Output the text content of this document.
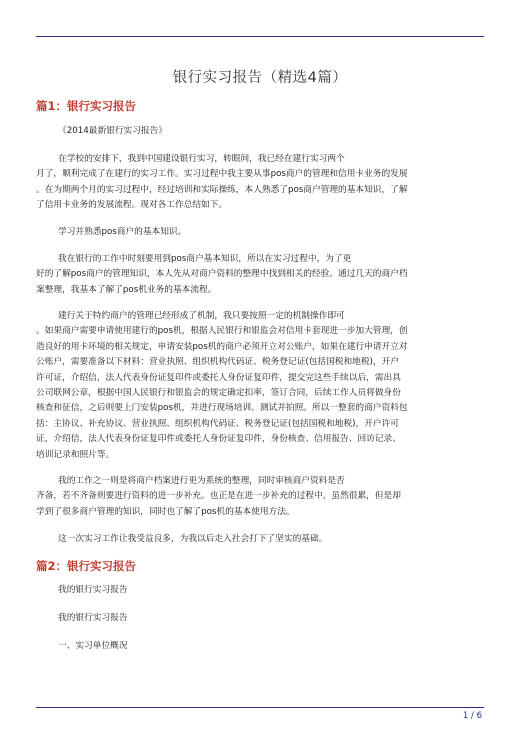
银行实习报告（精选4篇）
篇1：银行实习报告
《2014最新银行实习报告》
在学校的安排下，我到中国建设银行实习，转眼间，我已经在建行实习两个
月了，顺利完成了在建行的实习工作。实习过程中我主要从事pos商户的管理和信用卡业务的发展
。在为期两个月的实习过程中，经过培训和实际操练，本人熟悉了pos商户管理的基本知识，了解
了信用卡业务的发展流程。现对各工作总结如下。
学习并熟悉pos商户的基本知识。
我在银行的工作中时刻要用到pos商户基本知识，所以在实习过程中，为了更
好的了解pos商户的管理知识，本人先从对商户资料的整理中找到相关的经验。通过几天的商户档
案整理，我基本了解了pos机业务的基本流程。
建行关于特约商户的管理已经形成了机制，我只要按照一定的机制操作即可
。如果商户需要申请使用建行的pos机，根据人民银行和银监会对信用卡套现进一步加大管理，创
造良好的用卡环境的相关规定，申请安装pos机的商户必须开立对公账户，如果在建行申请开立对
公账户，需要准备以下材料：营业执照、组织机构代码证、税务登记证(包括国税和地税)，开户
许可证，介绍信，法人代表身份证复印件或委托人身份证复印件，提交完这些手续以后，需出具
公司联网公章，根据中国人民银行和银监会的规定确定扣率，签订合同，后续工作人员将做身份
核查和征信，之后则要上门安装pos机，并进行现场培训、测试并拍照。所以一整套的商户资料包
括：主协议、补充协议、营业执照、组织机构代码证、税务登记证(包括国税和地税)，开户许可
证，介绍信，法人代表身份证复印件或委托人身份证复印件，身份核查、信用报告、回访记录、
培训记录和照片等。
我的工作之一则是将商户档案进行更为系统的整理，同时审核商户资料是否
齐备，若不齐备则要进行资料的进一步补充。也正是在进一步补充的过程中，虽然很累，但是却
学到了很多商户管理的知识，同时也了解了pos机的基本使用方法。
这一次实习工作让我受益良多，为我以后走入社会打下了坚实的基础。
篇2：银行实习报告
我的银行实习报告
我的银行实习报告
一、实习单位概况
1 / 6
